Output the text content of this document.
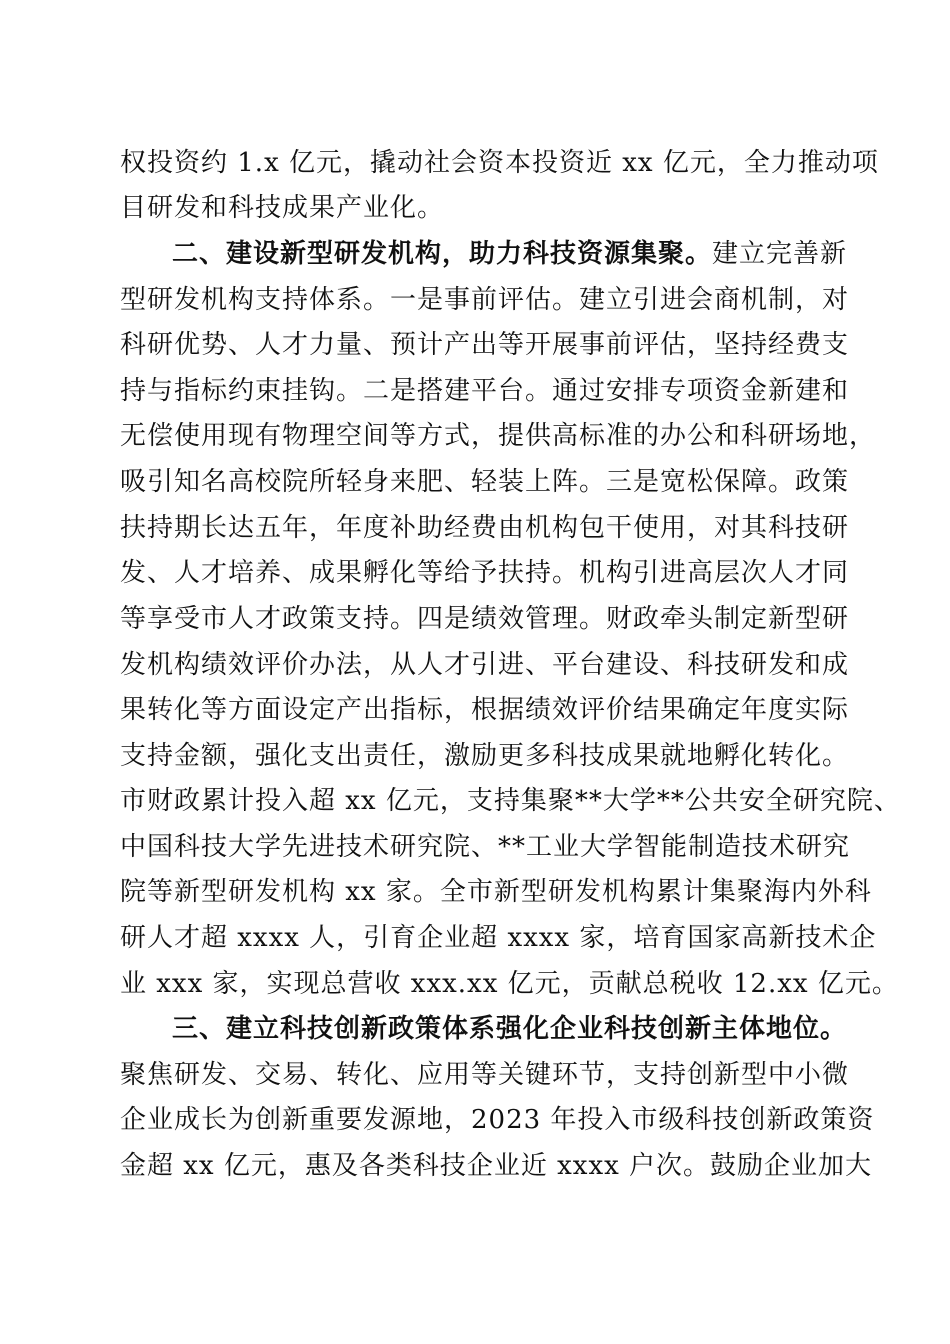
权投资约 1.x 亿元，撬动社会资本投资近 xx 亿元，全力推动项
目研发和科技成果产业化。
二、建设新型研发机构，助力科技资源集聚。建立完善新
型研发机构支持体系。一是事前评估。建立引进会商机制，对
科研优势、人才力量、预计产出等开展事前评估，坚持经费支
持与指标约束挂钩。二是搭建平台。通过安排专项资金新建和
无偿使用现有物理空间等方式，提供高标准的办公和科研场地，
吸引知名高校院所轻身来肥、轻装上阵。三是宽松保障。政策
扶持期长达五年，年度补助经费由机构包干使用，对其科技研
发、人才培养、成果孵化等给予扶持。机构引进高层次人才同
等享受市人才政策支持。四是绩效管理。财政牵头制定新型研
发机构绩效评价办法，从人才引进、平台建设、科技研发和成
果转化等方面设定产出指标，根据绩效评价结果确定年度实际
支持金额，强化支出责任，激励更多科技成果就地孵化转化。
市财政累计投入超 xx 亿元，支持集聚**大学**公共安全研究院、
中国科技大学先进技术研究院、**工业大学智能制造技术研究
院等新型研发机构 xx 家。全市新型研发机构累计集聚海内外科
研人才超 xxxx 人，引育企业超 xxxx 家，培育国家高新技术企
业 xxx 家，实现总营收 xxx.xx 亿元，贡献总税收 12.xx 亿元。
三、建立科技创新政策体系强化企业科技创新主体地位。
聚焦研发、交易、转化、应用等关键环节，支持创新型中小微
企业成长为创新重要发源地，2023 年投入市级科技创新政策资
金超 xx 亿元，惠及各类科技企业近 xxxx 户次。鼓励企业加大
